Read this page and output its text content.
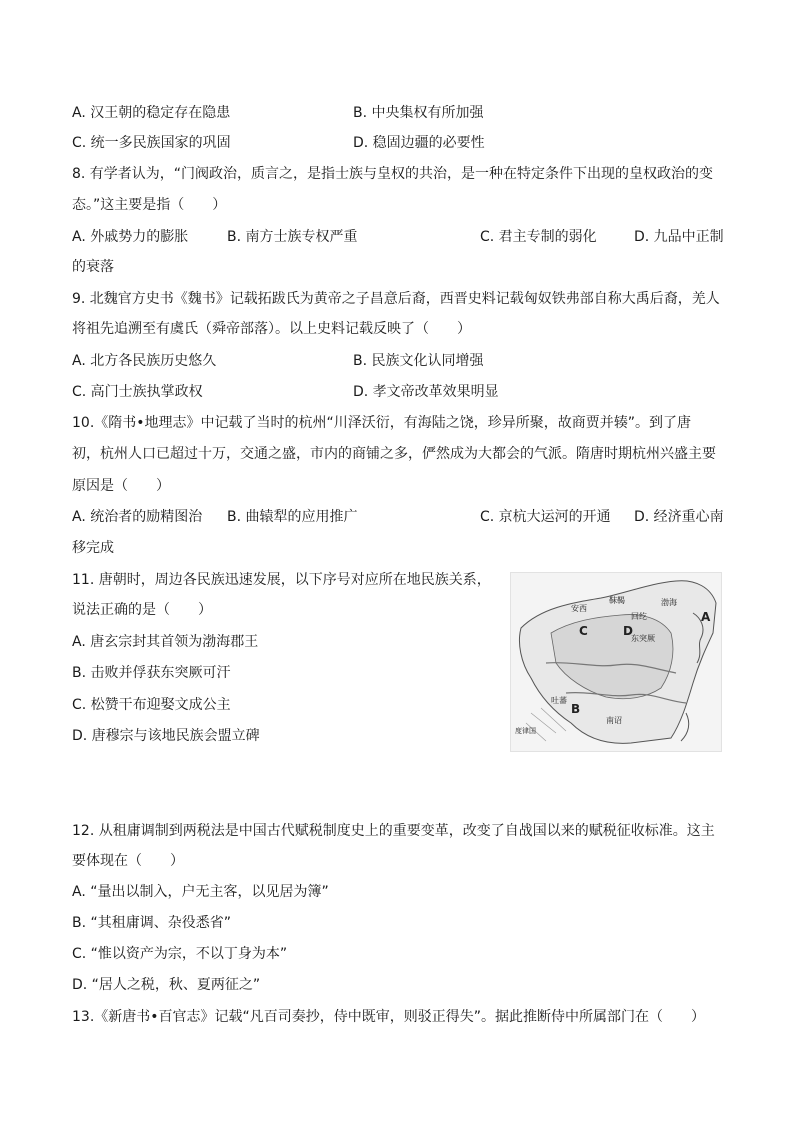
A. 汉王朝的稳定存在隐患	B. 中央集权有所加强
C. 统一多民族国家的巩固	D. 稳固边疆的必要性
8. 有学者认为，“门阀政治，质言之，是指士族与皇权的共治，是一种在特定条件下出现的皇权政治的变
态。”这主要是指（　　）
A. 外戚势力的膨胀	B. 南方士族专权严重	C. 君主专制的弱化	D. 九品中正制
的衰落
9. 北魏官方史书《魏书》记载拓跋氏为黄帝之子昌意后裔，西晋史料记载匈奴铁弗部自称大禹后裔，羌人
将祖先追溯至有虞氏（舜帝部落）。以上史料记载反映了（　　）
A. 北方各民族历史悠久	B. 民族文化认同增强
C. 高门士族执掌政权	D. 孝文帝改革效果明显
10.《隋书•地理志》中记载了当时的杭州“川泽沃衍，有海陆之饶，珍异所聚，故商贾并辏”。到了唐
初，杭州人口已超过十万，交通之盛，市内的商铺之多，俨然成为大都会的气派。隋唐时期杭州兴盛主要
原因是（　　）
A. 统治者的励精图治 B. 曲辕犁的应用推广	C. 京杭大运河的开通 D. 经济重心南
移完成
11. 唐朝时，周边各民族迅速发展，以下序号对应所在地民族关系，
说法正确的是（　　）
A. 唐玄宗封其首领为渤海郡王
B. 击败并俘获东突厥可汗
C. 松赞干布迎娶文成公主
D. 唐穆宗与该地民族会盟立碑
安西
靺鞨
回纥
东突厥
吐蕃
南诏
渤海
度律国
A
B
C	D
12. 从租庸调制到两税法是中国古代赋税制度史上的重要变革，改变了自战国以来的赋税征收标准。这主
要体现在（　　）
A. “量出以制入，户无主客，以见居为簿”
B. “其租庸调、杂役悉省”
C. “惟以资产为宗，不以丁身为本”
D. “居人之税，秋、夏两征之”
13.《新唐书•百官志》记载“凡百司奏抄，侍中既审，则驳正得失”。据此推断侍中所属部门在（　　）
